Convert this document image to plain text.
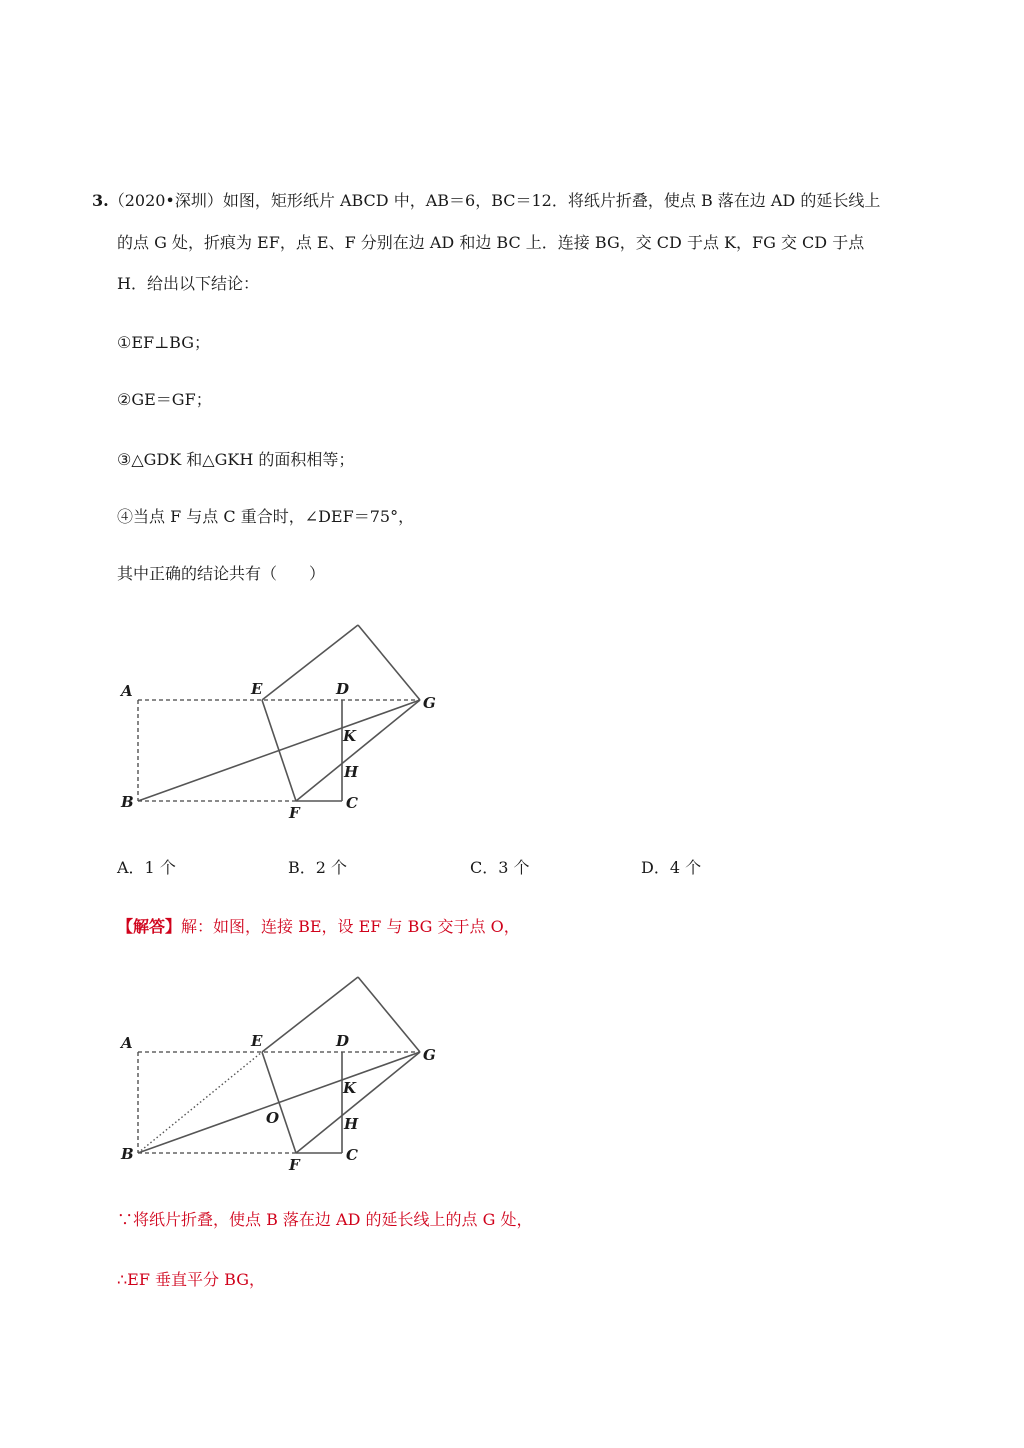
3.（2020•深圳）如图，矩形纸片 ABCD 中，AB＝6，BC＝12．将纸片折叠，使点 B 落在边 AD 的延长线上
的点 G 处，折痕为 EF，点 E、F 分别在边 AD 和边 BC 上．连接 BG，交 CD 于点 K，FG 交 CD 于点
H．给出以下结论：
①EF⊥BG；
②GE＝GF；
③△GDK 和△GKH 的面积相等；
④当点 F 与点 C 重合时，∠DEF＝75°，
其中正确的结论共有（　　）
A
B
E	D
G
K
H
C
F
A．1 个	B．2 个	C．3 个	D．4 个
【解答】解：如图，连接 BE，设 EF 与 BG 交于点 O，
A
B
E	D
G
K
O	H
C
F
∵将纸片折叠，使点 B 落在边 AD 的延长线上的点 G 处，
∴EF 垂直平分 BG，
